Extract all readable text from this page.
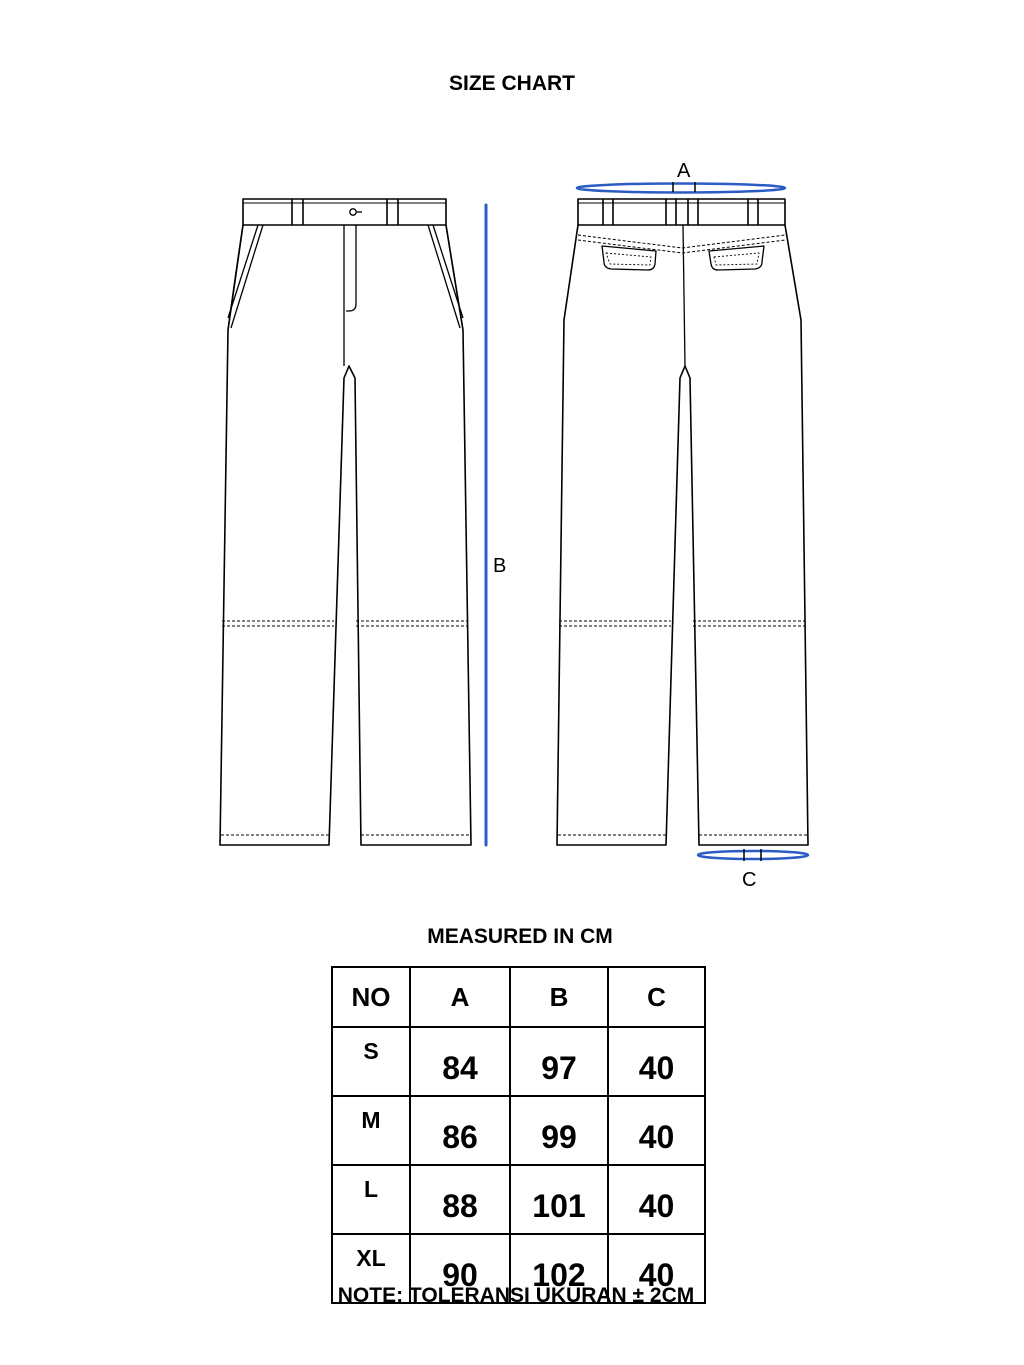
SIZE CHART
B
A
C
MEASURED IN CM
NO	A	B	C
S	84	97	40
M	86	99	40
L	88	101	40
XL	90	102	40
NOTE: TOLERANSI UKURAN ± 2CM
